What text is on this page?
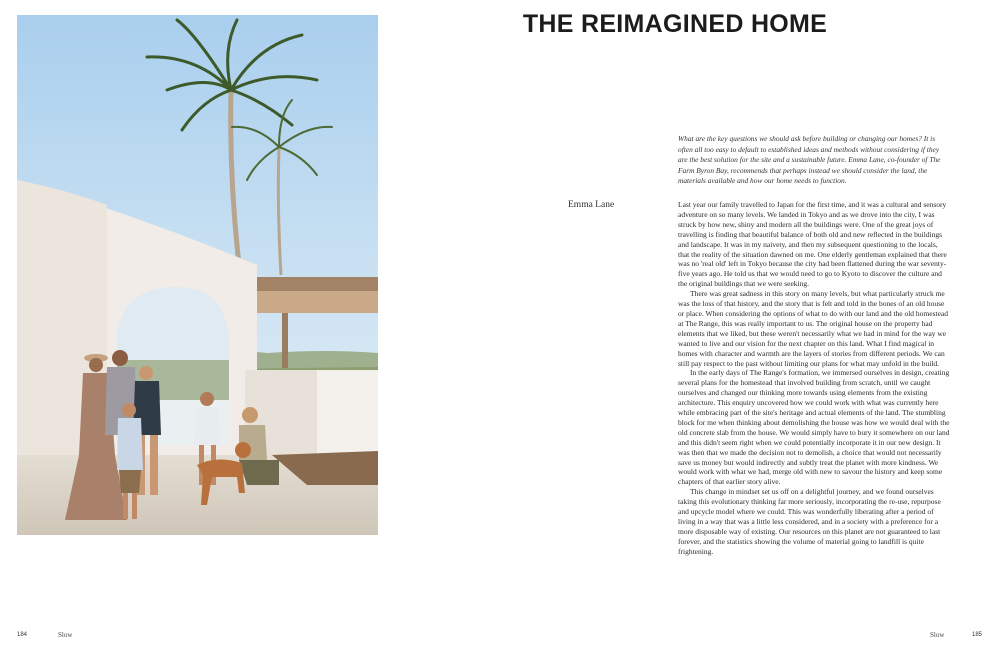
THE REIMAGINED HOME
What are the key questions we should ask before building or changing our homes? It is often all too easy to default to established ideas and methods without considering if they are the best solution for the site and a sustainable future. Emma Lane, co-founder of The Farm Byron Bay, recommends that perhaps instead we should consider the land, the materials available and how our home needs to function.
Emma Lane	Last year our family travelled to Japan for the first time, and it was a cultural and sensory adventure on so many levels. We landed in Tokyo and as we drove into the city, I was struck by how new, shiny and modern all the buildings were. One of the great joys of travelling is finding that beautiful balance of both old and new reflected in the buildings and landscape. It was in my naivety, and then my subsequent questioning to the locals, that the reality of the situation dawned on me. One elderly gentleman explained that there was no 'real old' left in Tokyo because the city had been flattened during the war seventy-five years ago. He told us that we would need to go to Kyoto to discover the culture and the original buildings that we were seeking.

There was great sadness in this story on many levels, but what particularly struck me was the loss of that history, and the story that is felt and told in the bones of an old house or place. When considering the options of what to do with our land and the old homestead at The Range, this was really important to us. The original house on the property had elements that we liked, but these weren't necessarily what we had in mind for the way we wanted to live and our vision for the next chapter on this land. What I find magical in homes with character and warmth are the layers of stories from different periods. We can still pay respect to the past without limiting our plans for what may unfold in the build.

In the early days of The Range's formation, we immersed ourselves in design, creating several plans for the homestead that involved building from scratch, until we caught ourselves and changed our thinking more towards using elements from the existing architecture. This enquiry uncovered how we could work with what was currently here while embracing part of the site's heritage and actual elements of the land. The stumbling block for me when thinking about demolishing the house was how we would deal with the old concrete slab from the house. We would simply have to bury it somewhere on our land and this didn't seem right when we could potentially incorporate it in our new design. It was then that we made the decision not to demolish, a choice that would not necessarily save us money but would indirectly and subtly treat the planet with more kindness. We would work with what we had, merge old with new to savour the history and keep some chapters of that earlier story alive.

This change in mindset set us off on a delightful journey, and we found ourselves taking this evolutionary thinking far more seriously, incorporating the re-use, repurpose and upcycle model where we could. This was wonderfully liberating after a period of living in a way that was a little less considered, and in a society with a preference for a more disposable way of existing. Our resources on this planet are not guaranteed to last forever, and the statistics showing the volume of material going to landfill is quite frightening.

184	Slow	Slow	185
